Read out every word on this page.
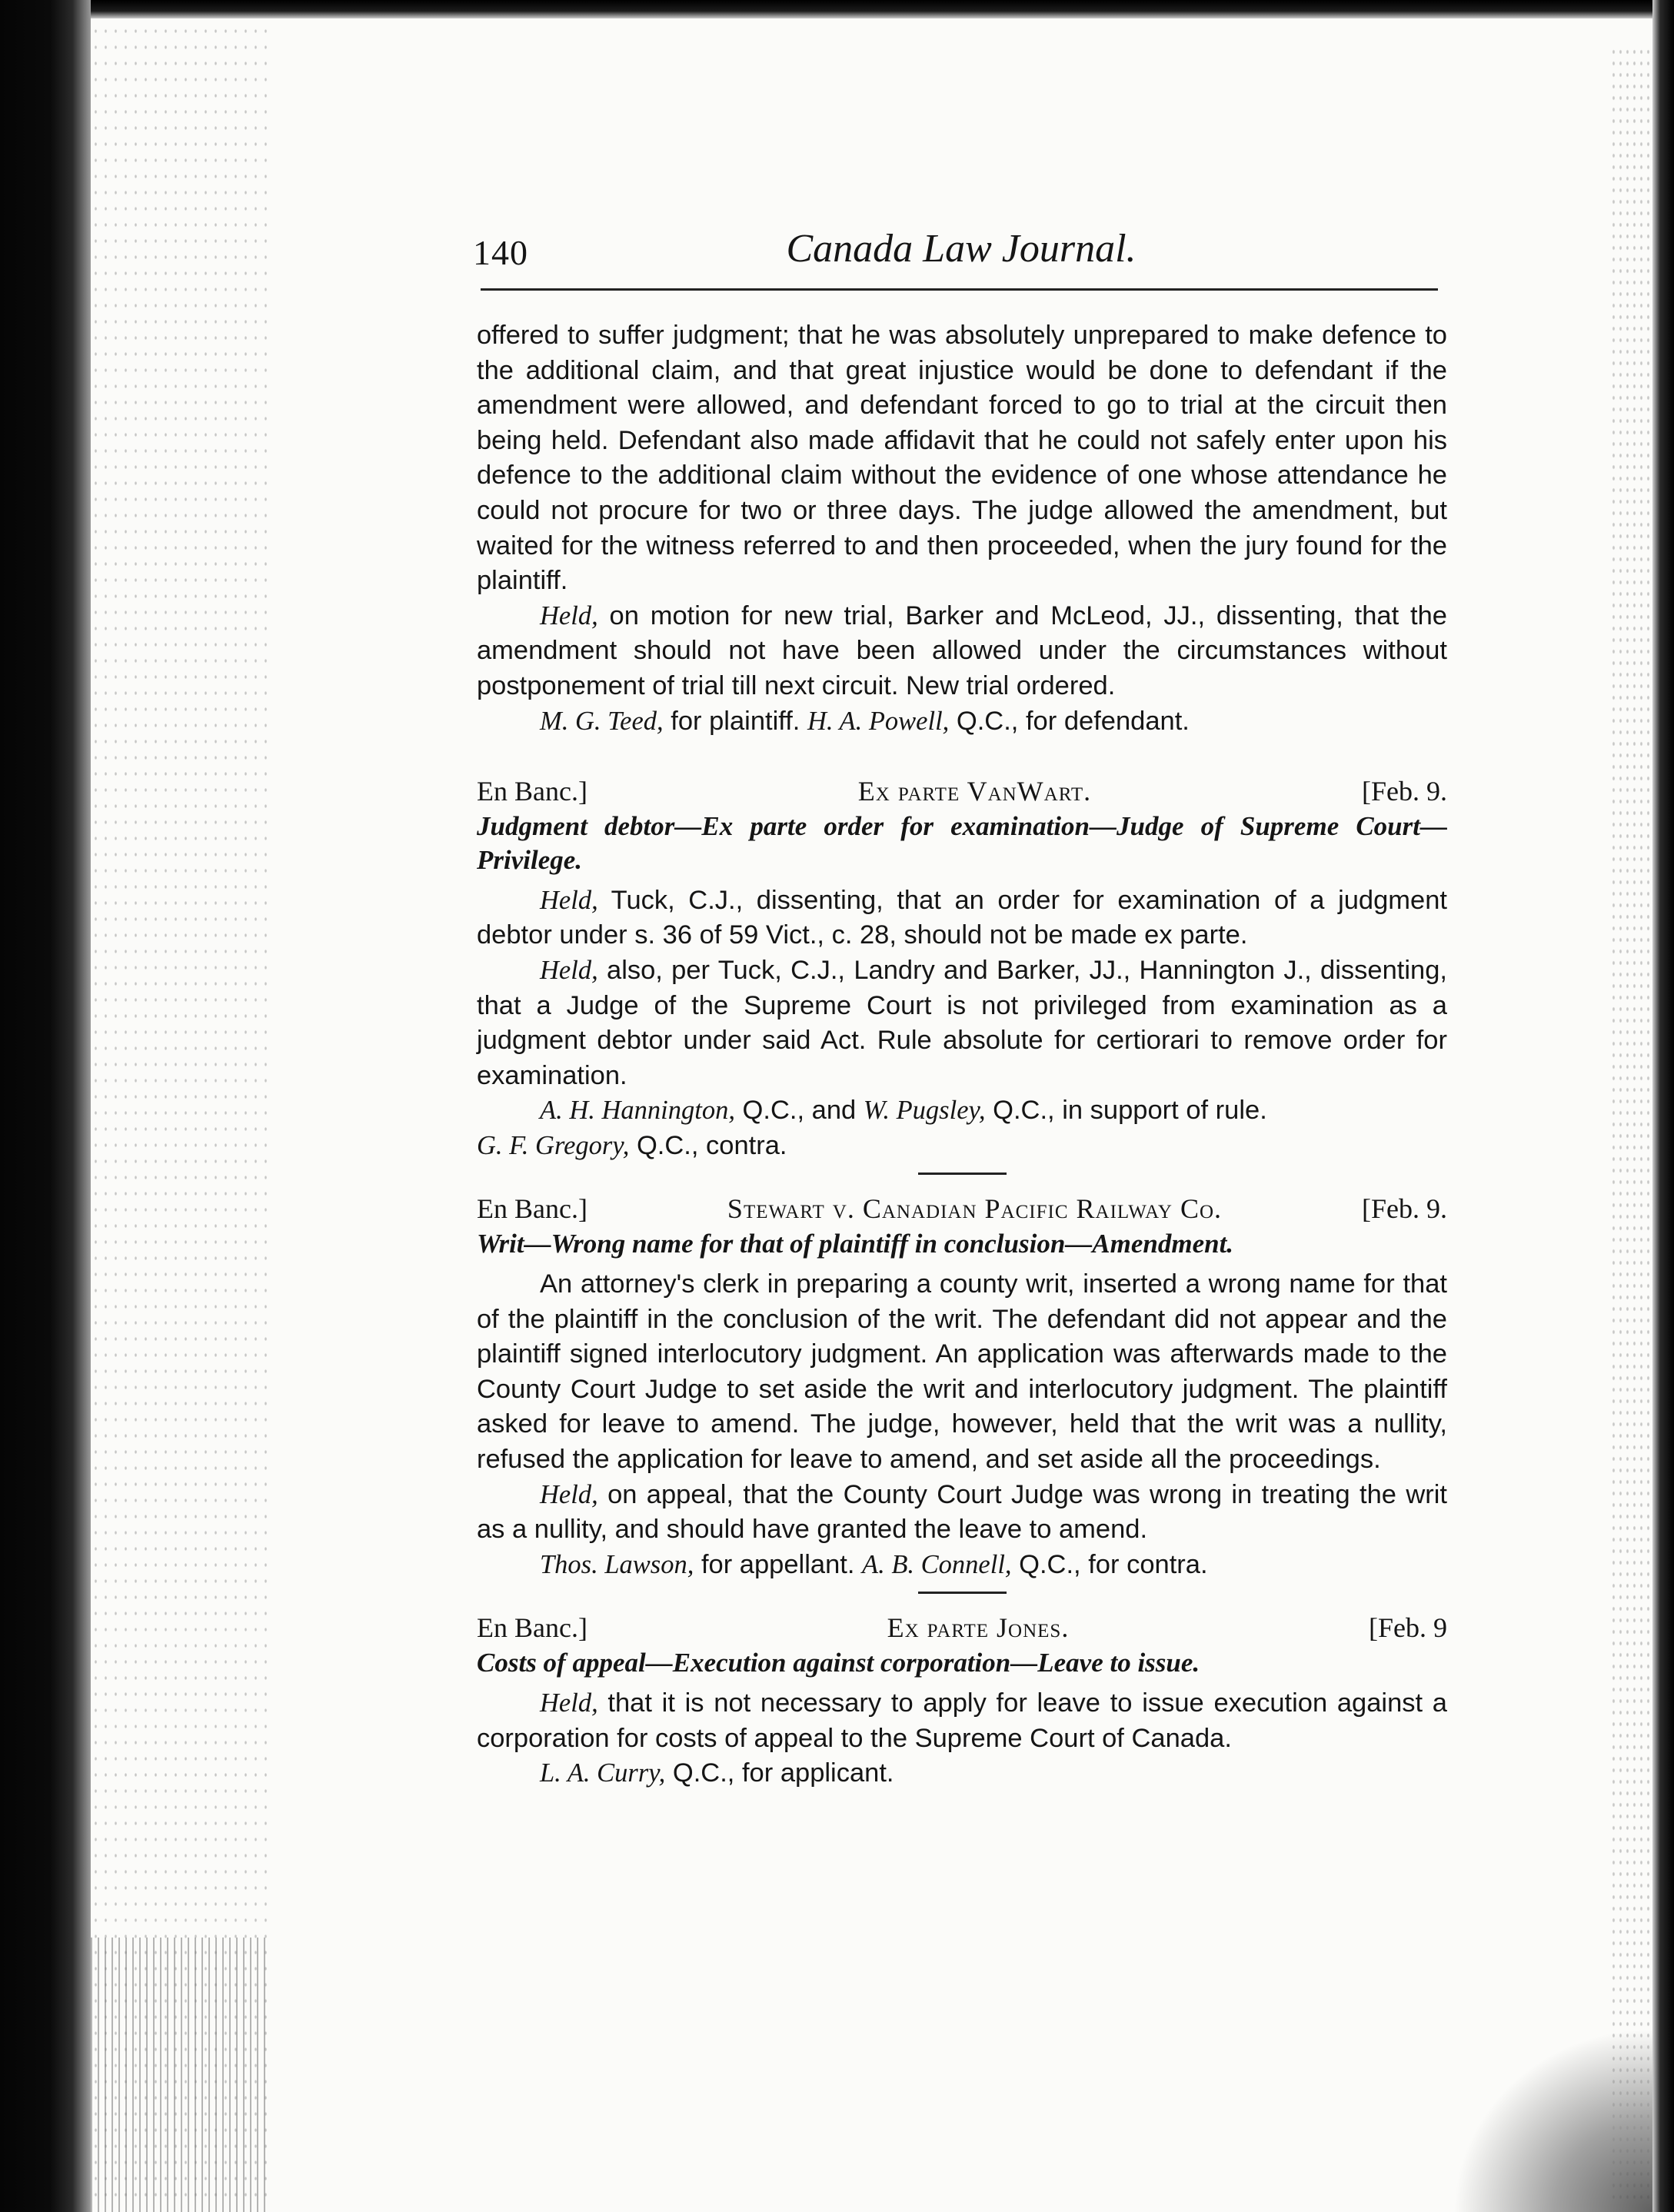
140	Canada Law Journal.

offered to suffer judgment; that he was absolutely unprepared to make defence to the additional claim, and that great injustice would be done to defendant if the amendment were allowed, and defendant forced to go to trial at the circuit then being held. Defendant also made affidavit that he could not safely enter upon his defence to the additional claim without the evidence of one whose attendance he could not procure for two or three days. The judge allowed the amendment, but waited for the witness referred to and then proceeded, when the jury found for the plaintiff.

Held, on motion for new trial, Barker and McLeod, JJ., dissenting, that the amendment should not have been allowed under the circumstances without postponement of trial till next circuit. New trial ordered.

M. G. Teed, for plaintiff. H. A. Powell, Q.C., for defendant.

En Banc.]	Ex parte VanWart.	[Feb. 9.

Judgment debtor—Ex parte order for examination—Judge of Supreme Court—Privilege.

Held, Tuck, C.J., dissenting, that an order for examination of a judgment debtor under s. 36 of 59 Vict., c. 28, should not be made ex parte.

Held, also, per Tuck, C.J., Landry and Barker, JJ., Hannington J., dissenting, that a Judge of the Supreme Court is not privileged from examination as a judgment debtor under said Act. Rule absolute for certiorari to remove order for examination.

A. H. Hannington, Q.C., and W. Pugsley, Q.C., in support of rule.

G. F. Gregory, Q.C., contra.

En Banc.]	Stewart v. Canadian Pacific Railway Co.	[Feb. 9.

Writ—Wrong name for that of plaintiff in conclusion—Amendment.

An attorney's clerk in preparing a county writ, inserted a wrong name for that of the plaintiff in the conclusion of the writ. The defendant did not appear and the plaintiff signed interlocutory judgment. An application was afterwards made to the County Court Judge to set aside the writ and interlocutory judgment. The plaintiff asked for leave to amend. The judge, however, held that the writ was a nullity, refused the application for leave to amend, and set aside all the proceedings.

Held, on appeal, that the County Court Judge was wrong in treating the writ as a nullity, and should have granted the leave to amend.

Thos. Lawson, for appellant. A. B. Connell, Q.C., for contra.

En Banc.]	Ex parte Jones.	[Feb. 9

Costs of appeal—Execution against corporation—Leave to issue.

Held, that it is not necessary to apply for leave to issue execution against a corporation for costs of appeal to the Supreme Court of Canada.

L. A. Curry, Q.C., for applicant.
